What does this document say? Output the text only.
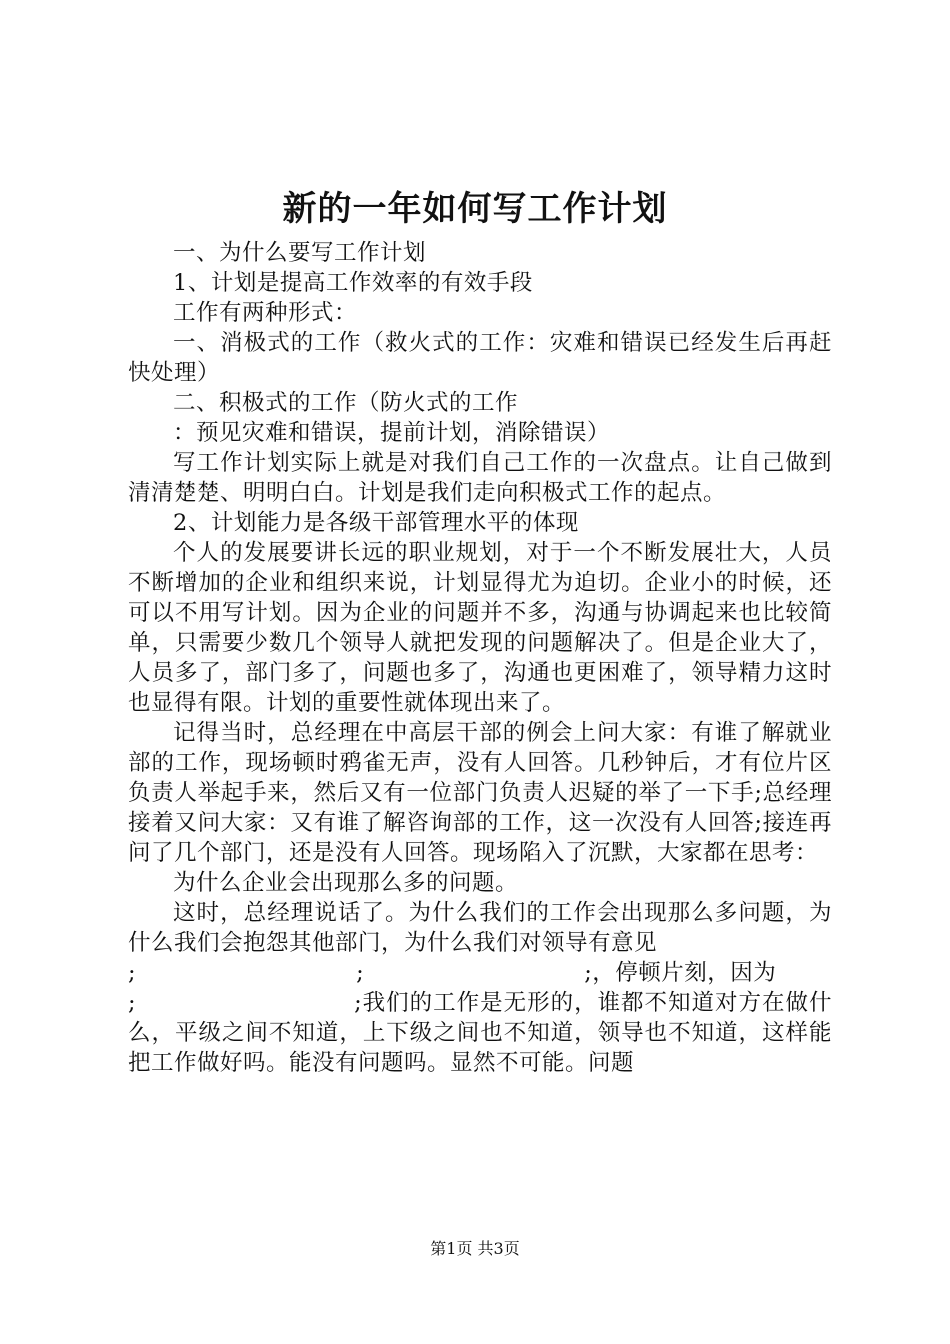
新的一年如何写工作计划

一、为什么要写工作计划

1、计划是提高工作效率的有效手段

工作有两种形式：

一、消极式的工作（救火式的工作：灾难和错误已经发生后再赶快处理）

二、积极式的工作（防火式的工作

：预见灾难和错误，提前计划，消除错误）

写工作计划实际上就是对我们自己工作的一次盘点。让自己做到清清楚楚、明明白白。计划是我们走向积极式工作的起点。

2、计划能力是各级干部管理水平的体现

个人的发展要讲长远的职业规划，对于一个不断发展壮大，人员不断增加的企业和组织来说，计划显得尤为迫切。企业小的时候，还可以不用写计划。因为企业的问题并不多，沟通与协调起来也比较简单，只需要少数几个领导人就把发现的问题解决了。但是企业大了，人员多了，部门多了，问题也多了，沟通也更困难了，领导精力这时也显得有限。计划的重要性就体现出来了。

记得当时，总经理在中高层干部的例会上问大家：有谁了解就业部的工作，现场顿时鸦雀无声，没有人回答。几秒钟后，才有位片区负责人举起手来，然后又有一位部门负责人迟疑的举了一下手;总经理接着又问大家：又有谁了解咨询部的工作，这一次没有人回答;接连再问了几个部门，还是没有人回答。现场陷入了沉默，大家都在思考：

为什么企业会出现那么多的问题。

这时，总经理说话了。为什么我们的工作会出现那么多问题，为什么我们会抱怨其他部门，为什么我们对领导有意见

;	;	;，停顿片刻，因为

;	;我们的工作是无形的，谁都不知道对方在做什么，平级之间不知道，上下级之间也不知道，领导也不知道，这样能把工作做好吗。能没有问题吗。显然不可能。问题

第1页 共3页
